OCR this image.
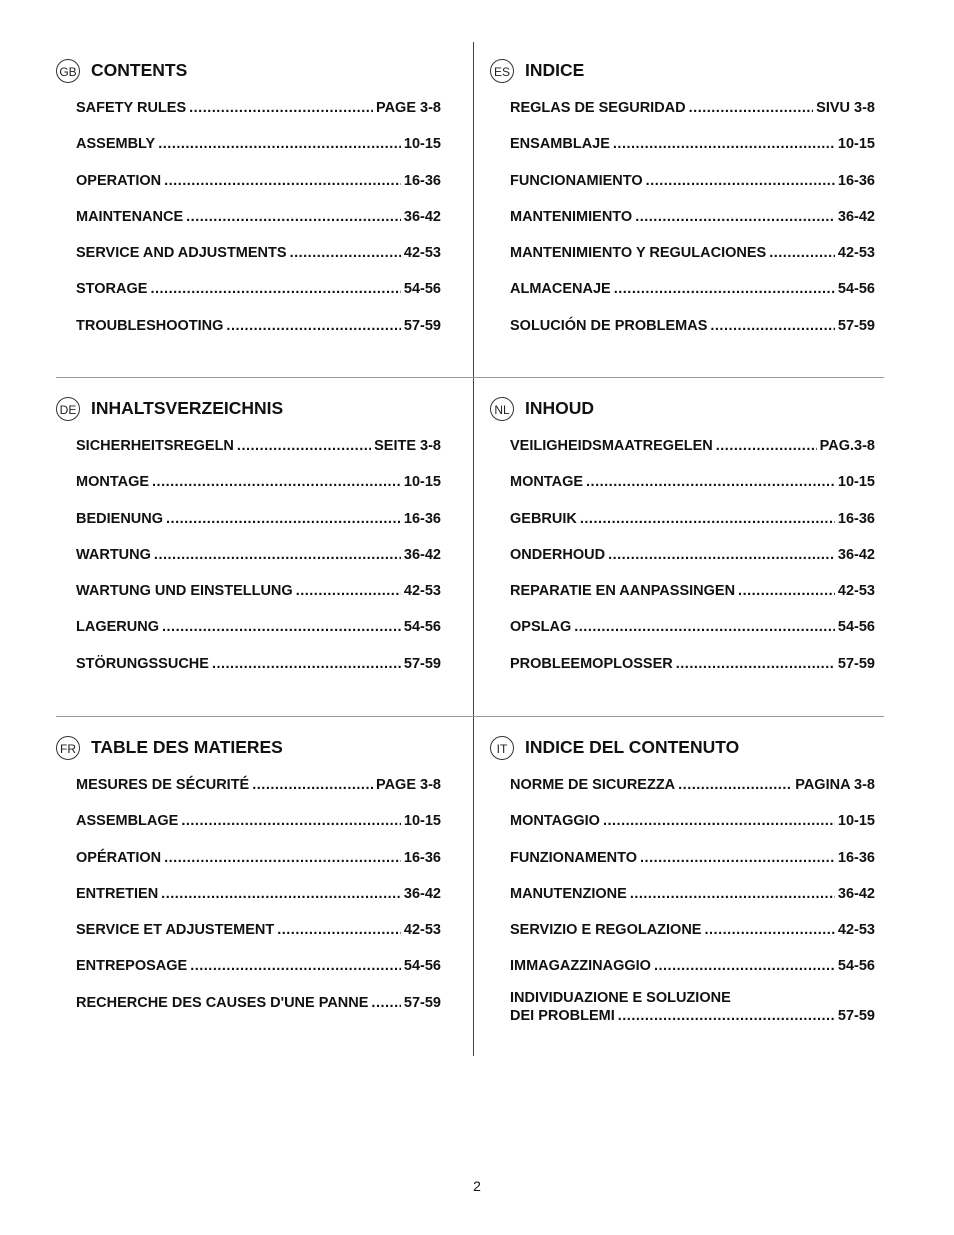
GB CONTENTS
SAFETY RULES .....	PAGE 3-8
ASSEMBLY .....	10-15
OPERATION .....	16-36
MAINTENANCE .....	36-42
SERVICE AND ADJUSTMENTS .....	42-53
STORAGE .....	54-56
TROUBLESHOOTING .....	57-59
ES INDICE
REGLAS DE SEGURIDAD .....	SIVU 3-8
ENSAMBLAJE .....	10-15
FUNCIONAMIENTO .....	16-36
MANTENIMIENTO .....	36-42
MANTENIMIENTO Y REGULACIONES .....	42-53
ALMACENAJE .....	54-56
SOLUCIÓN DE PROBLEMAS .....	57-59
DE INHALTSVERZEICHNIS
SICHERHEITSREGELN .....	SEITE 3-8
MONTAGE .....	10-15
BEDIENUNG .....	16-36
WARTUNG .....	36-42
WARTUNG UND EINSTELLUNG .....	42-53
LAGERUNG .....	54-56
STÖRUNGSSUCHE .....	57-59
NL INHOUD
VEILIGHEIDSMAATREGELEN .....	PAG.3-8
MONTAGE .....	10-15
GEBRUIK .....	16-36
ONDERHOUD .....	36-42
REPARATIE EN AANPASSINGEN .....	42-53
OPSLAG .....	54-56
PROBLEEMOPLOSSER .....	57-59
FR TABLE DES MATIERES
MESURES DE SÉCURITÉ .....	PAGE 3-8
ASSEMBLAGE .....	10-15
OPÉRATION .....	16-36
ENTRETIEN .....	36-42
SERVICE ET ADJUSTEMENT .....	42-53
ENTREPOSAGE .....	54-56
RECHERCHE DES CAUSES D'UNE PANNE ..... 57-59
IT	INDICE DEL CONTENUTO
NORME DE SICUREZZA .....	PAGINA 3-8
MONTAGGIO .....	10-15
FUNZIONAMENTO .....	16-36
MANUTENZIONE .....	36-42
SERVIZIO E REGOLAZIONE .....	42-53
IMMAGAZZINAGGIO .....	54-56
INDIVIDUAZIONE E SOLUZIONE
DEI PROBLEMI .....	57-59
2
